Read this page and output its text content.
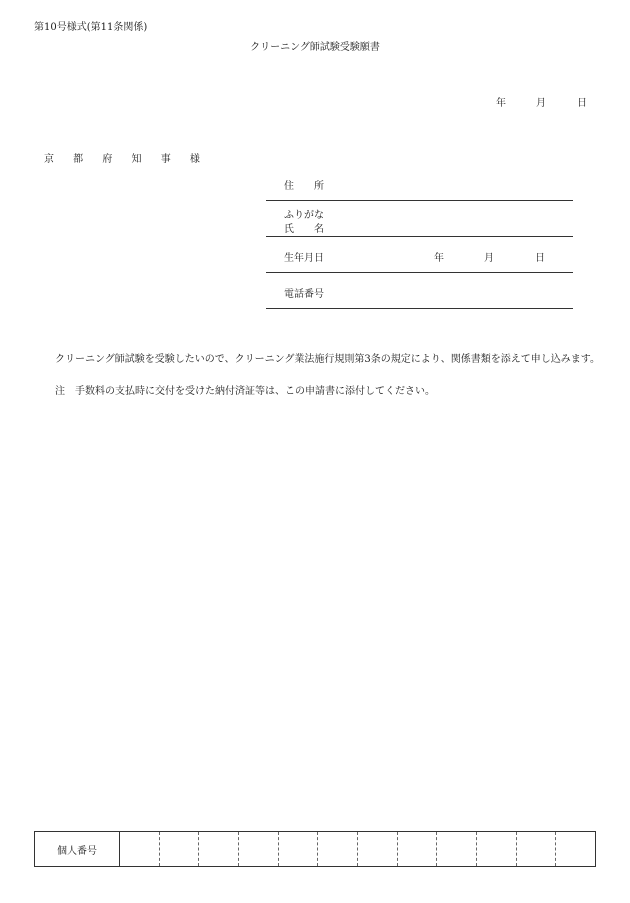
第10号様式(第11条関係)
クリーニング師試験受験願書
年	月	日
京 都 府 知 事 様
住　　所
ふりがな
氏　　名
生年月日	年	月	日
電話番号
クリーニング師試験を受験したいので、クリーニング業法施行規則第3条の規定により、関係書類を添えて申し込みます。
注　手数料の支払時に交付を受けた納付済証等は、この申請書に添付してください。
個人番号
